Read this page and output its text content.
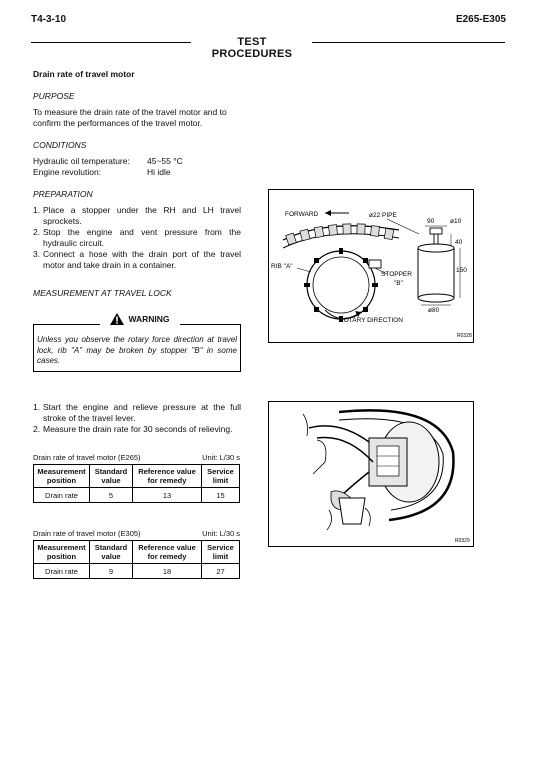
T4-3-10	E265-E305
TEST PROCEDURES
Drain rate of travel motor
PURPOSE
To measure the drain rate of the travel motor and to confirm the performances of the travel motor.
CONDITIONS
Hydraulic oil temperature:	45~55 °C
Engine revolution:	Hi idle
PREPARATION
1. Place a stopper under the RH and LH travel sprockets.
2. Stop the engine and vent pressure from the hydraulic circuit.
3. Connect a hose with the drain port of the travel motor and take drain in a container.
MEASUREMENT AT TRAVEL LOCK
WARNING
Unless you observe the rotary force direction at travel lock, rib "A" may be broken by stopper "B" in some cases.
1. Start the engine and relieve pressure at the full stroke of the travel lever.
2. Measure the drain rate for 30 seconds of relieving.
Drain rate of travel motor (E265)	Unit: L/30 s
Measurement position	Standard value	Reference value for remedy	Service limit
Drain rate	5	13	15
Drain rate of travel motor (E305)	Unit: L/30 s
Measurement position	Standard value	Reference value for remedy	Service limit
Drain rate	9	18	27
FORWARD	ø22 PIPE
90 ø10
40
150
ø80
RIB "A"
STOPPER
"B"
ROTARY DIRECTION
R0328
R0329
